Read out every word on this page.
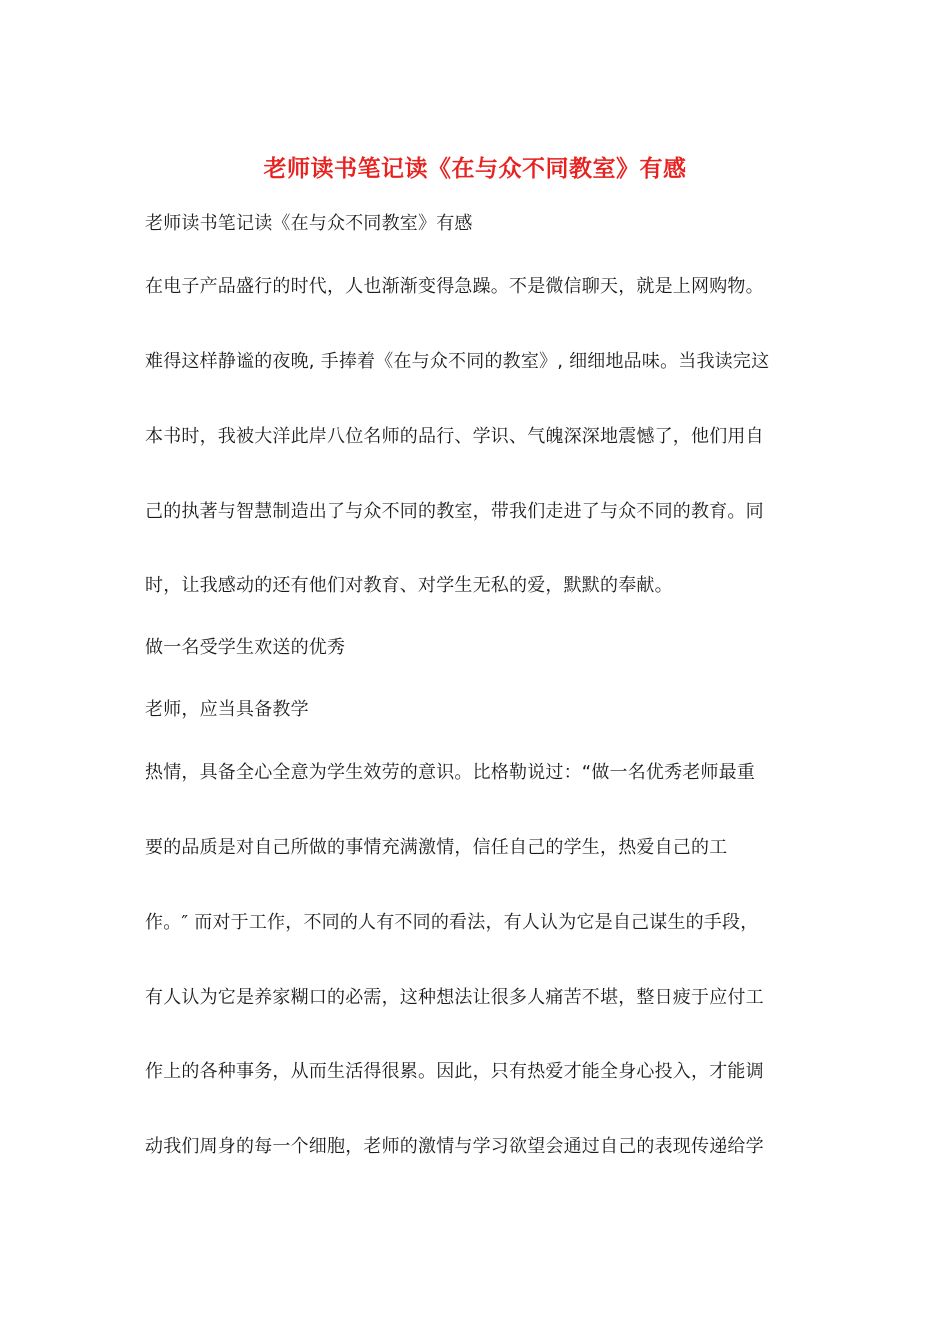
老师读书笔记读《在与众不同教室》有感
老师读书笔记读《在与众不同教室》有感
在电子产品盛行的时代，人也渐渐变得急躁。不是微信聊天，就是上网购物。
难得这样静谧的夜晚, 手捧着《在与众不同的教室》, 细细地品味。当我读完这
本书时，我被大洋此岸八位名师的品行、学识、气魄深深地震憾了，他们用自
己的执著与智慧制造出了与众不同的教室，带我们走进了与众不同的教育。同
时，让我感动的还有他们对教育、对学生无私的爱，默默的奉献。
做一名受学生欢送的优秀
老师，应当具备教学
热情，具备全心全意为学生效劳的意识。比格勒说过：“做一名优秀老师最重
要的品质是对自己所做的事情充满激情，信任自己的学生，热爱自己的工
作。″ 而对于工作，不同的人有不同的看法，有人认为它是自己谋生的手段，
有人认为它是养家糊口的必需，这种想法让很多人痛苦不堪，整日疲于应付工
作上的各种事务，从而生活得很累。因此，只有热爱才能全身心投入，才能调
动我们周身的每一个细胞，老师的激情与学习欲望会通过自己的表现传递给学
